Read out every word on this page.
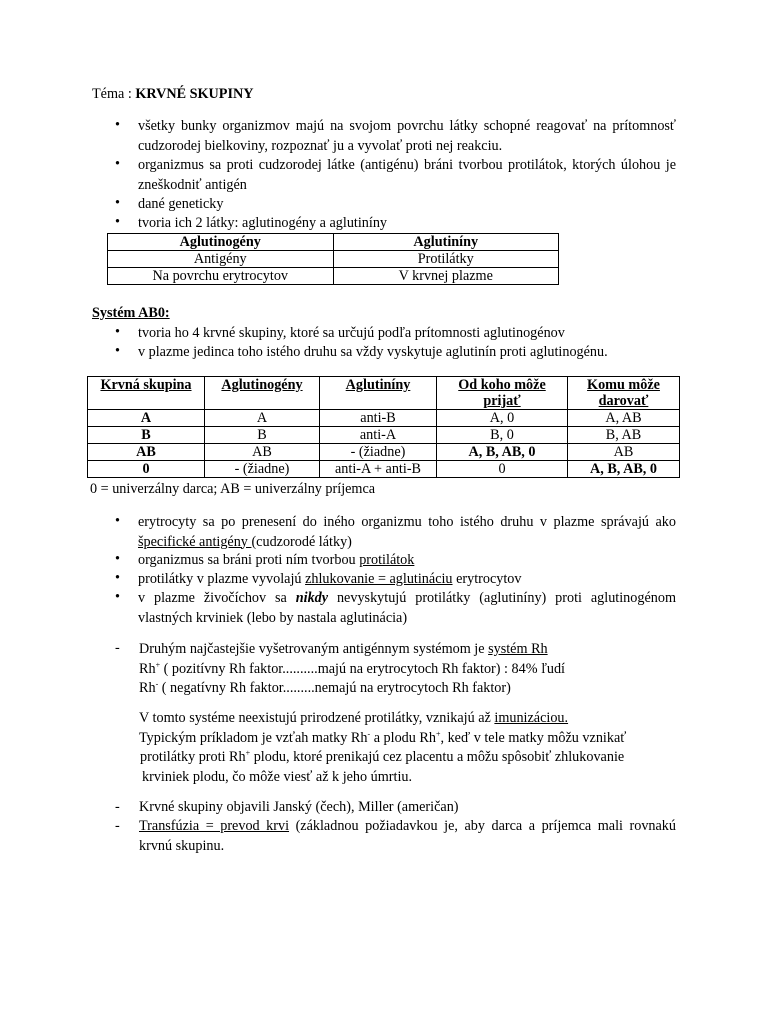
Téma : KRVNÉ SKUPINY
• všetky bunky organizmov majú na svojom povrchu látky schopné reagovať na prítomnosť cudzorodej bielkoviny, rozpoznať ju a vyvolať proti nej reakciu.

• organizmus sa proti cudzorodej látke (antigénu) bráni tvorbou protilátok, ktorých úlohou je zneškodniť antigén

• dané geneticky

• tvoria ich 2 látky: aglutinogény a aglutiníny

Aglutinogény	Aglutiníny
Antigény	Protilátky
Na povrchu erytrocytov	V krvnej plazme
Systém AB0:
• tvoria ho 4 krvné skupiny, ktoré sa určujú podľa prítomnosti aglutinogénov

• v plazme jedinca toho istého druhu sa vždy vyskytuje aglutinín proti aglutinogénu.

Krvná skupina	Aglutinogény	Aglutiníny	Od koho môže prijať	Komu môže darovať
A	A	anti-B	A, 0	A, AB
B	B	anti-A	B, 0	B, AB
AB	AB	- (žiadne)	A, B, AB, 0	AB
0	- (žiadne)	anti-A + anti-B	0	A, B, AB, 0
0 = univerzálny darca; AB = univerzálny príjemca
• erytrocyty sa po prenesení do iného organizmu toho istého druhu v plazme správajú ako špecifické antigény (cudzorodé látky)

• organizmus sa bráni proti ním tvorbou protilátok

• protilátky v plazme vyvolajú zhlukovanie = aglutináciu erytrocytov

• v plazme živočíchov sa nikdy nevyskytujú protilátky (aglutiníny) proti aglutinogénom vlastných krviniek (lebo by nastala aglutinácia)

- Druhým najčastejšie vyšetrovaným antigénnym systémom je systém Rh
Rh+ ( pozitívny Rh faktor..........majú na erytrocytoch Rh faktor) : 84% ľudí
Rh- ( negatívny Rh faktor.........nemajú na erytrocytoch Rh faktor)
V tomto systéme neexistujú prirodzené protilátky, vznikajú až imunizáciou.
Typickým príkladom je vzťah matky Rh- a plodu Rh+, keď v tele matky môžu vznikať
protilátky proti Rh+ plodu, ktoré prenikajú cez placentu a môžu spôsobiť zhlukovanie
krviniek plodu, čo môže viesť až k jeho úmrtiu.
- Krvné skupiny objavili Janský (čech), Miller (američan)
- Transfúzia = prevod krvi (základnou požiadavkou je, aby darca a príjemca mali rovnakú krvnú skupinu.
